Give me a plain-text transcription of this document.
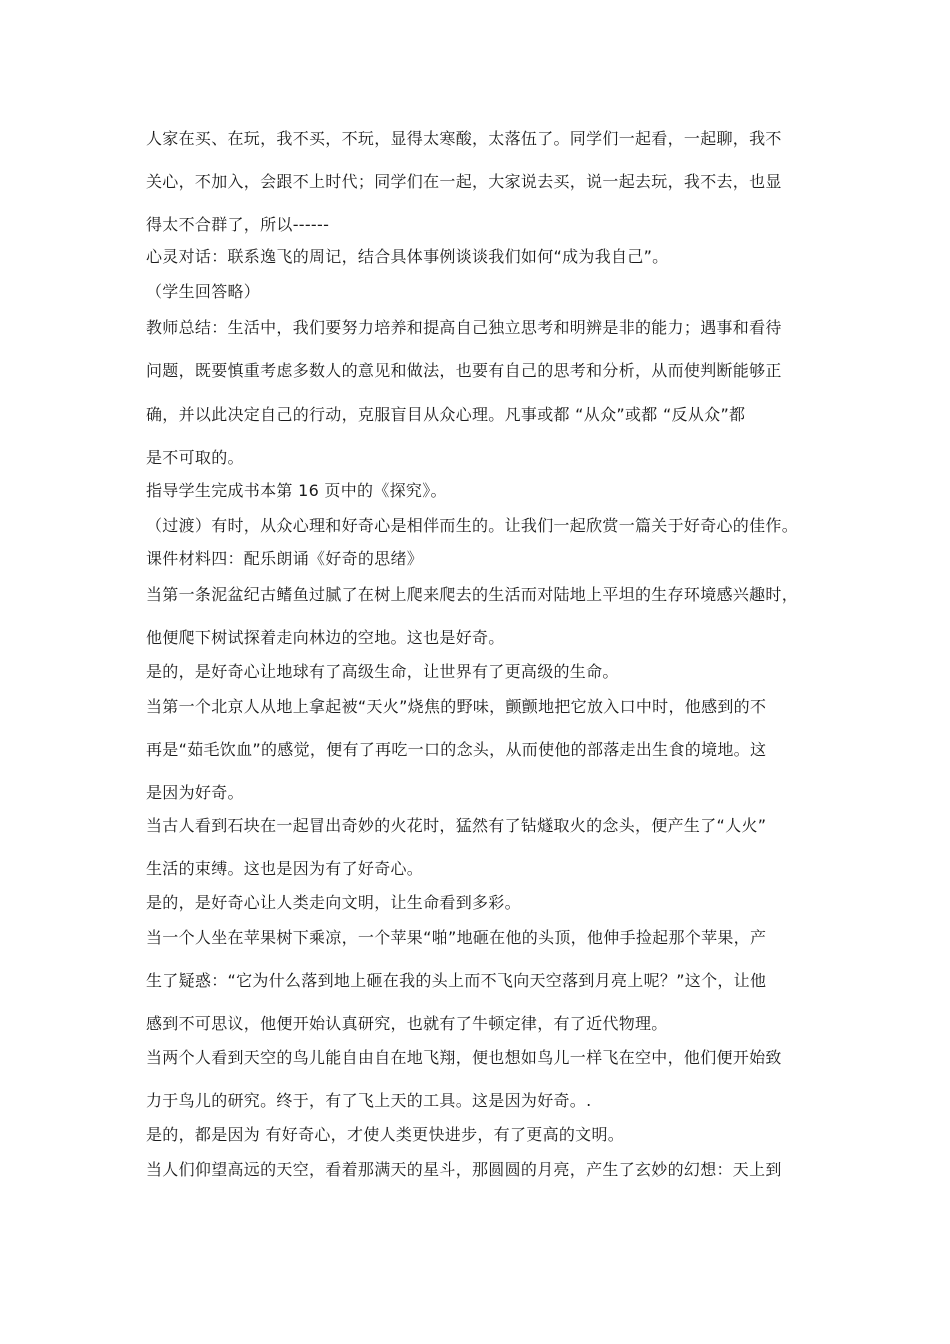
人家在买、在玩，我不买，不玩，显得太寒酸，太落伍了。同学们一起看，一起聊，我不
关心，不加入，会跟不上时代；同学们在一起，大家说去买，说一起去玩，我不去，也显
得太不合群了，所以------
心灵对话：联系逸飞的周记，结合具体事例谈谈我们如何“成为我自己”。
（学生回答略）
教师总结：生活中，我们要努力培养和提高自己独立思考和明辨是非的能力；遇事和看待
问题，既要慎重考虑多数人的意见和做法，也要有自己的思考和分析，从而使判断能够正
确，并以此决定自己的行动，克服盲目从众心理。凡事或都 “从众”或都 “反从众”都
是不可取的。
指导学生完成书本第 16 页中的《探究》。
（过渡）有时，从众心理和好奇心是相伴而生的。让我们一起欣赏一篇关于好奇心的佳作。
课件材料四：配乐朗诵《好奇的思绪》
当第一条泥盆纪古鳍鱼过腻了在树上爬来爬去的生活而对陆地上平坦的生存环境感兴趣时，
他便爬下树试探着走向林边的空地。这也是好奇。
是的，是好奇心让地球有了高级生命，让世界有了更高级的生命。
当第一个北京人从地上拿起被“天火”烧焦的野味，颤颤地把它放入口中时，他感到的不
再是“茹毛饮血”的感觉，便有了再吃一口的念头，从而使他的部落走出生食的境地。这
是因为好奇。
当古人看到石块在一起冒出奇妙的火花时，猛然有了钻燧取火的念头，便产生了“人火”
生活的束缚。这也是因为有了好奇心。
是的，是好奇心让人类走向文明，让生命看到多彩。
当一个人坐在苹果树下乘凉，一个苹果“啪”地砸在他的头顶，他伸手捡起那个苹果，产
生了疑惑：“它为什么落到地上砸在我的头上而不飞向天空落到月亮上呢？”这个，让他
感到不可思议，他便开始认真研究，也就有了牛顿定律，有了近代物理。
当两个人看到天空的鸟儿能自由自在地飞翔，便也想如鸟儿一样飞在空中，他们便开始致
力于鸟儿的研究。终于，有了飞上天的工具。这是因为好奇。.
是的，都是因为 有好奇心，才使人类更快进步，有了更高的文明。
当人们仰望高远的天空，看着那满天的星斗，那圆圆的月亮，产生了玄妙的幻想：天上到
